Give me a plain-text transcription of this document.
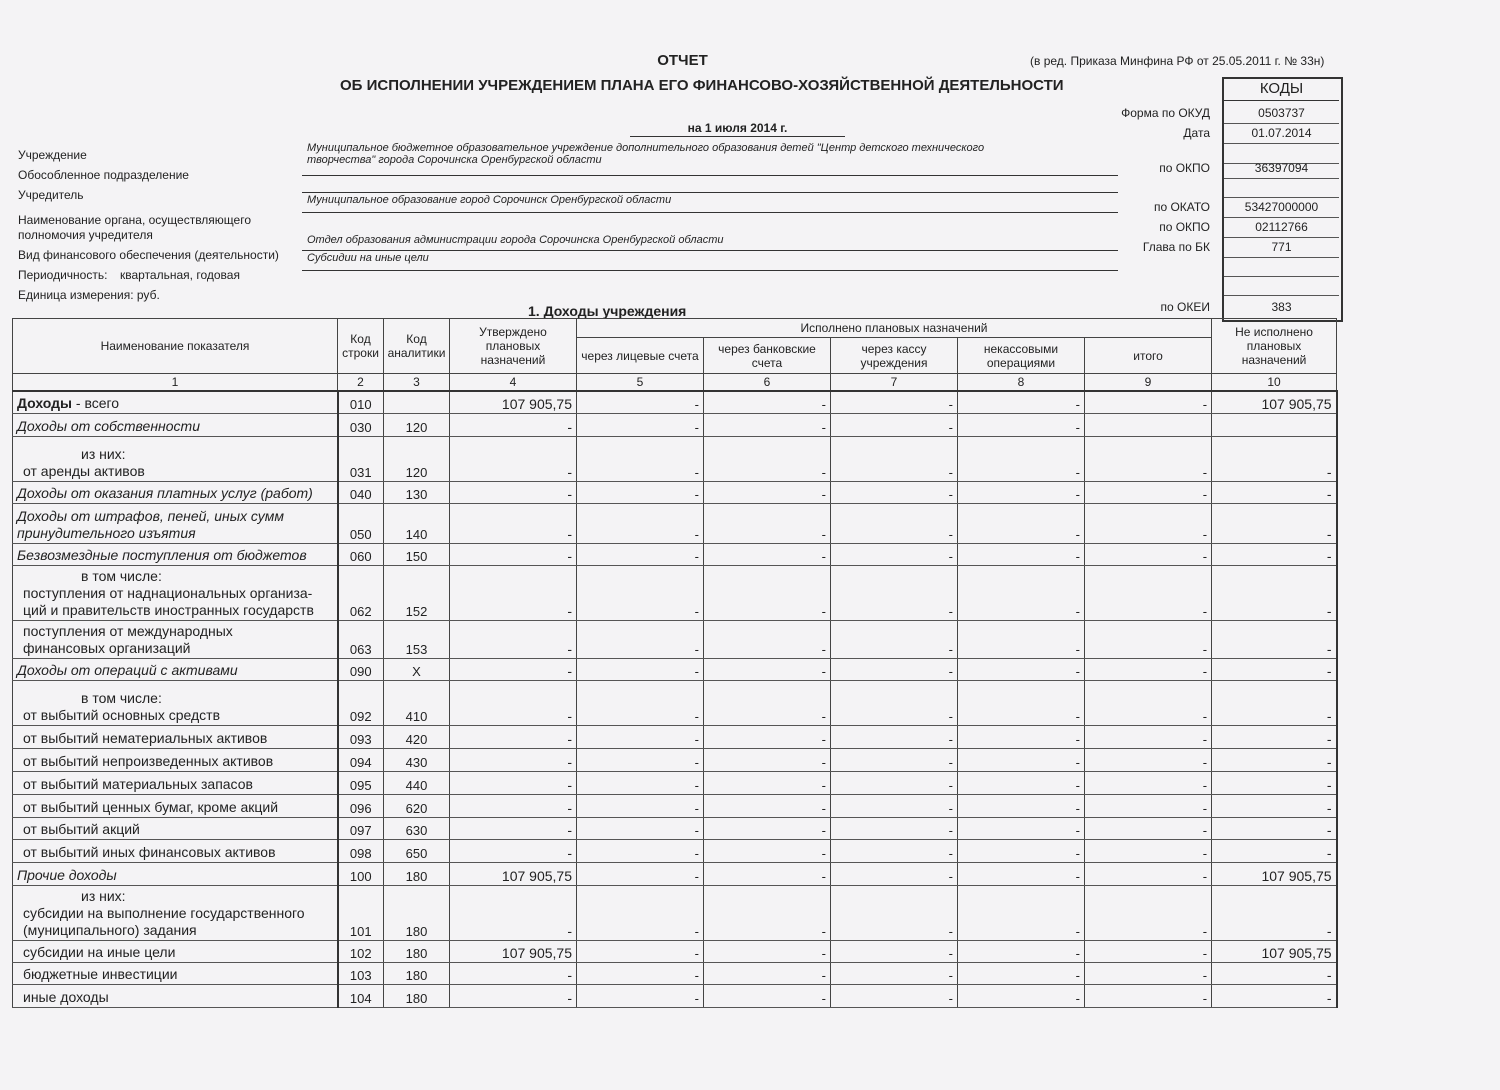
ОТЧЕТ
ОБ ИСПОЛНЕНИИ УЧРЕЖДЕНИЕМ ПЛАНА ЕГО ФИНАНСОВО-ХОЗЯЙСТВЕННОЙ ДЕЯТЕЛЬНОСТИ
(в ред. Приказа Минфина РФ от 25.05.2011 г. № 33н)
на 1 июля 2014 г.
Учреждение
Обособленное подразделение
Учредитель
Наименование органа, осуществляющего
полномочия учредителя
Вид финансового обеспечения (деятельности)
Периодичность: квартальная, годовая
Единица измерения: руб.
Муниципальное бюджетное образовательное учреждение дополнительного образования детей "Центр детского технического
творчества" города Сорочинска Оренбургской области
Муниципальное образование город Сорочинск Оренбургской области
Отдел образования администрации города Сорочинска Оренбургской области
Субсидии на иные цели
КОДЫ
Форма по ОКУД	0503737
Дата	01.07.2014
по ОКПО	36397094
по ОКАТО	53427000000
по ОКПО	02112766
Глава по БК	771
по ОКЕИ	383
1. Доходы учреждения
Наименование показателя	Код строки	Код аналитики	Утверждено плановых назначений	Исполнено плановых назначений					Не исполнено плановых назначений
				через лицевые счета	через банковские счета	через кассу учреждения	некассовыми операциями	итого	
1	2	3	4	5	6	7	8	9	10
Доходы - всего	010		107 905,75	-	-	-	-	-	107 905,75
Доходы от собственности	030	120	-	-	-	-	-		

из них:
от аренды активов	031	120	-	-	-	-	-	-	-
Доходы от оказания платных услуг (работ)	040	130	-	-	-	-	-	-	-

Доходы от штрафов, пеней, иных сумм
принудительного изъятия	050	140	-	-	-	-	-	-	-
Безвозмездные поступления от бюджетов	060	150	-	-	-	-	-	-	-

в том числе:
поступления от наднациональных организа-
ций и правительств иностранных государств	062	152	-	-	-	-	-	-	-

поступления от международных
финансовых организаций	063	153	-	-	-	-	-	-	-
Доходы от операций с активами	090	X	-	-	-	-	-	-	-

в том числе:
от выбытий основных средств	092	410	-	-	-	-	-	-	-
от выбытий нематериальных активов	093	420	-	-	-	-	-	-	-
от выбытий непроизведенных активов	094	430	-	-	-	-	-	-	-
от выбытий материальных запасов	095	440	-	-	-	-	-	-	-
от выбытий ценных бумаг, кроме акций	096	620	-	-	-	-	-	-	-
от выбытий акций	097	630	-	-	-	-	-	-	-
от выбытий иных финансовых активов	098	650	-	-	-	-	-	-	-
Прочие доходы	100	180	107 905,75	-	-	-	-	-	107 905,75

из них:
субсидии на выполнение государственного
(муниципального) задания	101	180	-	-	-	-	-	-	-
субсидии на иные цели	102	180	107 905,75	-	-	-	-	-	107 905,75
бюджетные инвестиции	103	180	-	-	-	-	-	-	-
иные доходы	104	180	-	-	-	-	-	-	-
